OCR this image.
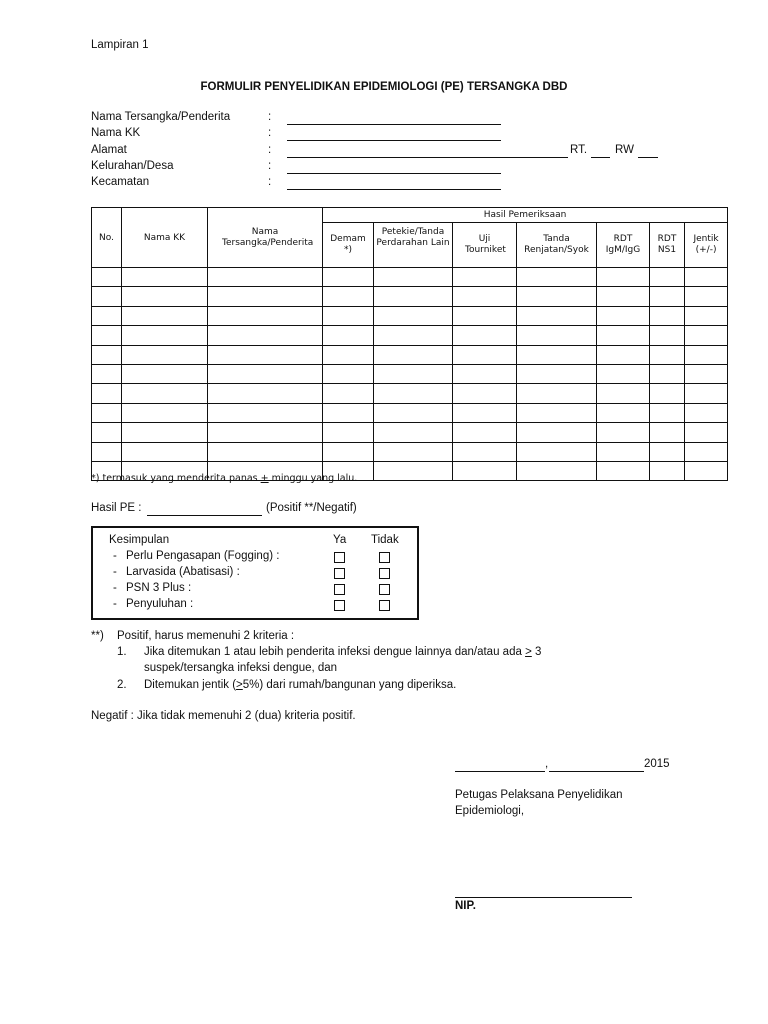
Lampiran 1
FORMULIR PENYELIDIKAN EPIDEMIOLOGI (PE) TERSANGKA DBD
Nama Tersangka/Penderita	:
Nama KK	:
Alamat	:	RT. RW
Kelurahan/Desa	:
Kecamatan	:
No.	Nama KK	Nama Tersangka/Penderita	Hasil Pemeriksaan						
			Demam *)	Petekie/Tanda Perdarahan Lain	Uji Tourniket	Tanda Renjatan/Syok	RDT IgM/IgG	RDT NS1	Jentik (+/-)

*) termasuk yang menderita panas + minggu yang lalu.
Hasil PE :	(Positif **/Negatif)
Kesimpulan	Ya Tidak
- Perlu Pengasapan (Fogging) :
- Larvasida (Abatisasi) :
- PSN 3 Plus :
- Penyuluhan :
**) Positif, harus memenuhi 2 kriteria :
1. Jika ditemukan 1 atau lebih penderita infeksi dengue lainnya dan/atau ada ≥ 3
suspek/tersangka infeksi dengue, dan
2. Ditemukan jentik (≥5%) dari rumah/bangunan yang diperiksa.
Negatif : Jika tidak memenuhi 2 (dua) kriteria positif.
,	2015
Petugas Pelaksana Penyelidikan
Epidemiologi,
NIP.
